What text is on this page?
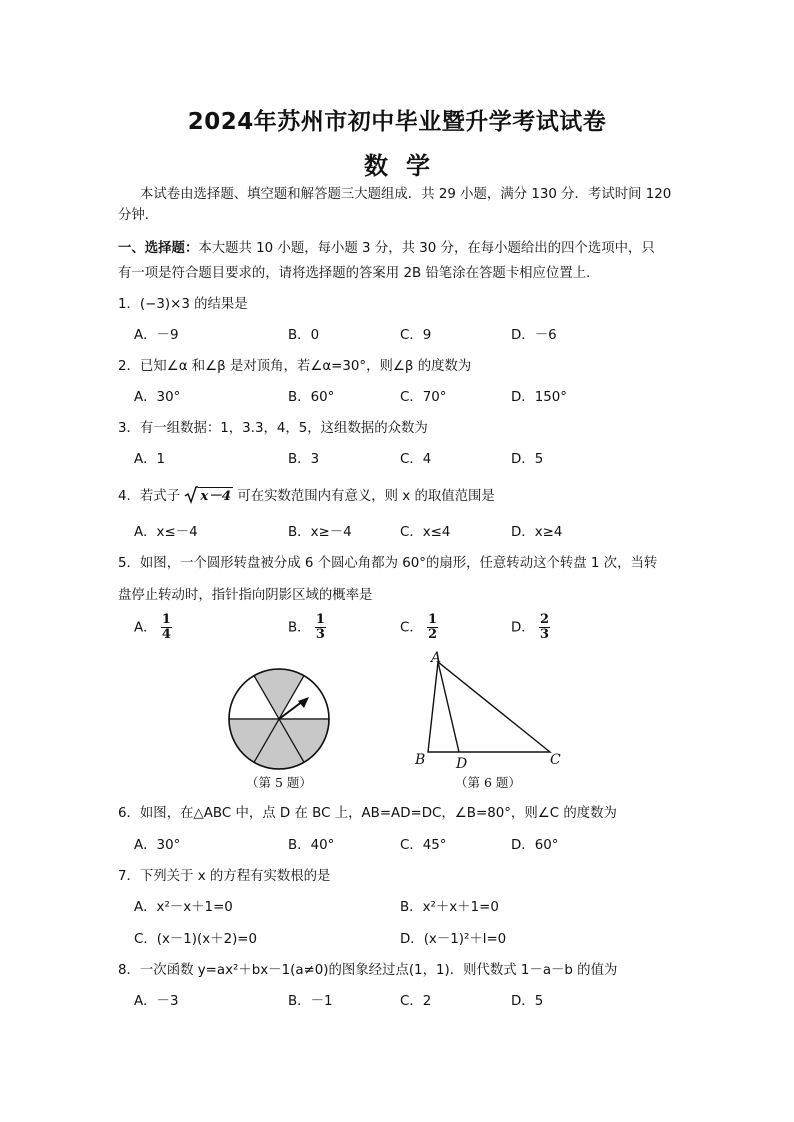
2024年苏州市初中毕业暨升学考试试卷
数学
本试卷由选择题、填空题和解答题三大题组成．共 29 小题，满分 130 分．考试时间 120
分钟．
一、选择题：本大题共 10 小题，每小题 3 分，共 30 分，在每小题给出的四个选项中，只
有一项是符合题目要求的，请将选择题的答案用 2B 铅笔涂在答题卡相应位置上．
1．(−3)×3 的结果是
A．－9	B．0	C．9	D．－6
2．已知∠α 和∠β 是对顶角，若∠α=30°，则∠β 的度数为
A．30°	B．60°	C．70°	D．150°
3．有一组数据：1，3.3，4，5，这组数据的众数为
A．1	B．3	C．4	D．5
4．若式子 x－4 可在实数范围内有意义，则 x 的取值范围是
A．x≤－4	B．x≥－4	C．x≤4	D．x≥4
5．如图，一个圆形转盘被分成 6 个圆心角都为 60°的扇形，任意转动这个转盘 1 次，当转
盘停止转动时，指针指向阴影区域的概率是
A． $\frac{1}{4}$	B． $\frac{1}{3}$	C． $\frac{1}{2}$	D． $\frac{2}{3}$
（第 5 题）
A
B D	C
（第 6 题）
6．如图，在△ABC 中，点 D 在 BC 上，AB=AD=DC，∠B=80°，则∠C 的度数为
A．30°	B．40°	C．45°	D．60°
7．下列关于 x 的方程有实数根的是
A．x²－x＋1=0	B．x²＋x＋1=0
C．(x－1)(x＋2)=0	D．(x－1)²＋l=0
8．一次函数 y=ax²＋bx－1(a≠0)的图象经过点(1，1)．则代数式 1－a－b 的值为
A．－3	B．－1	C．2	D．5
